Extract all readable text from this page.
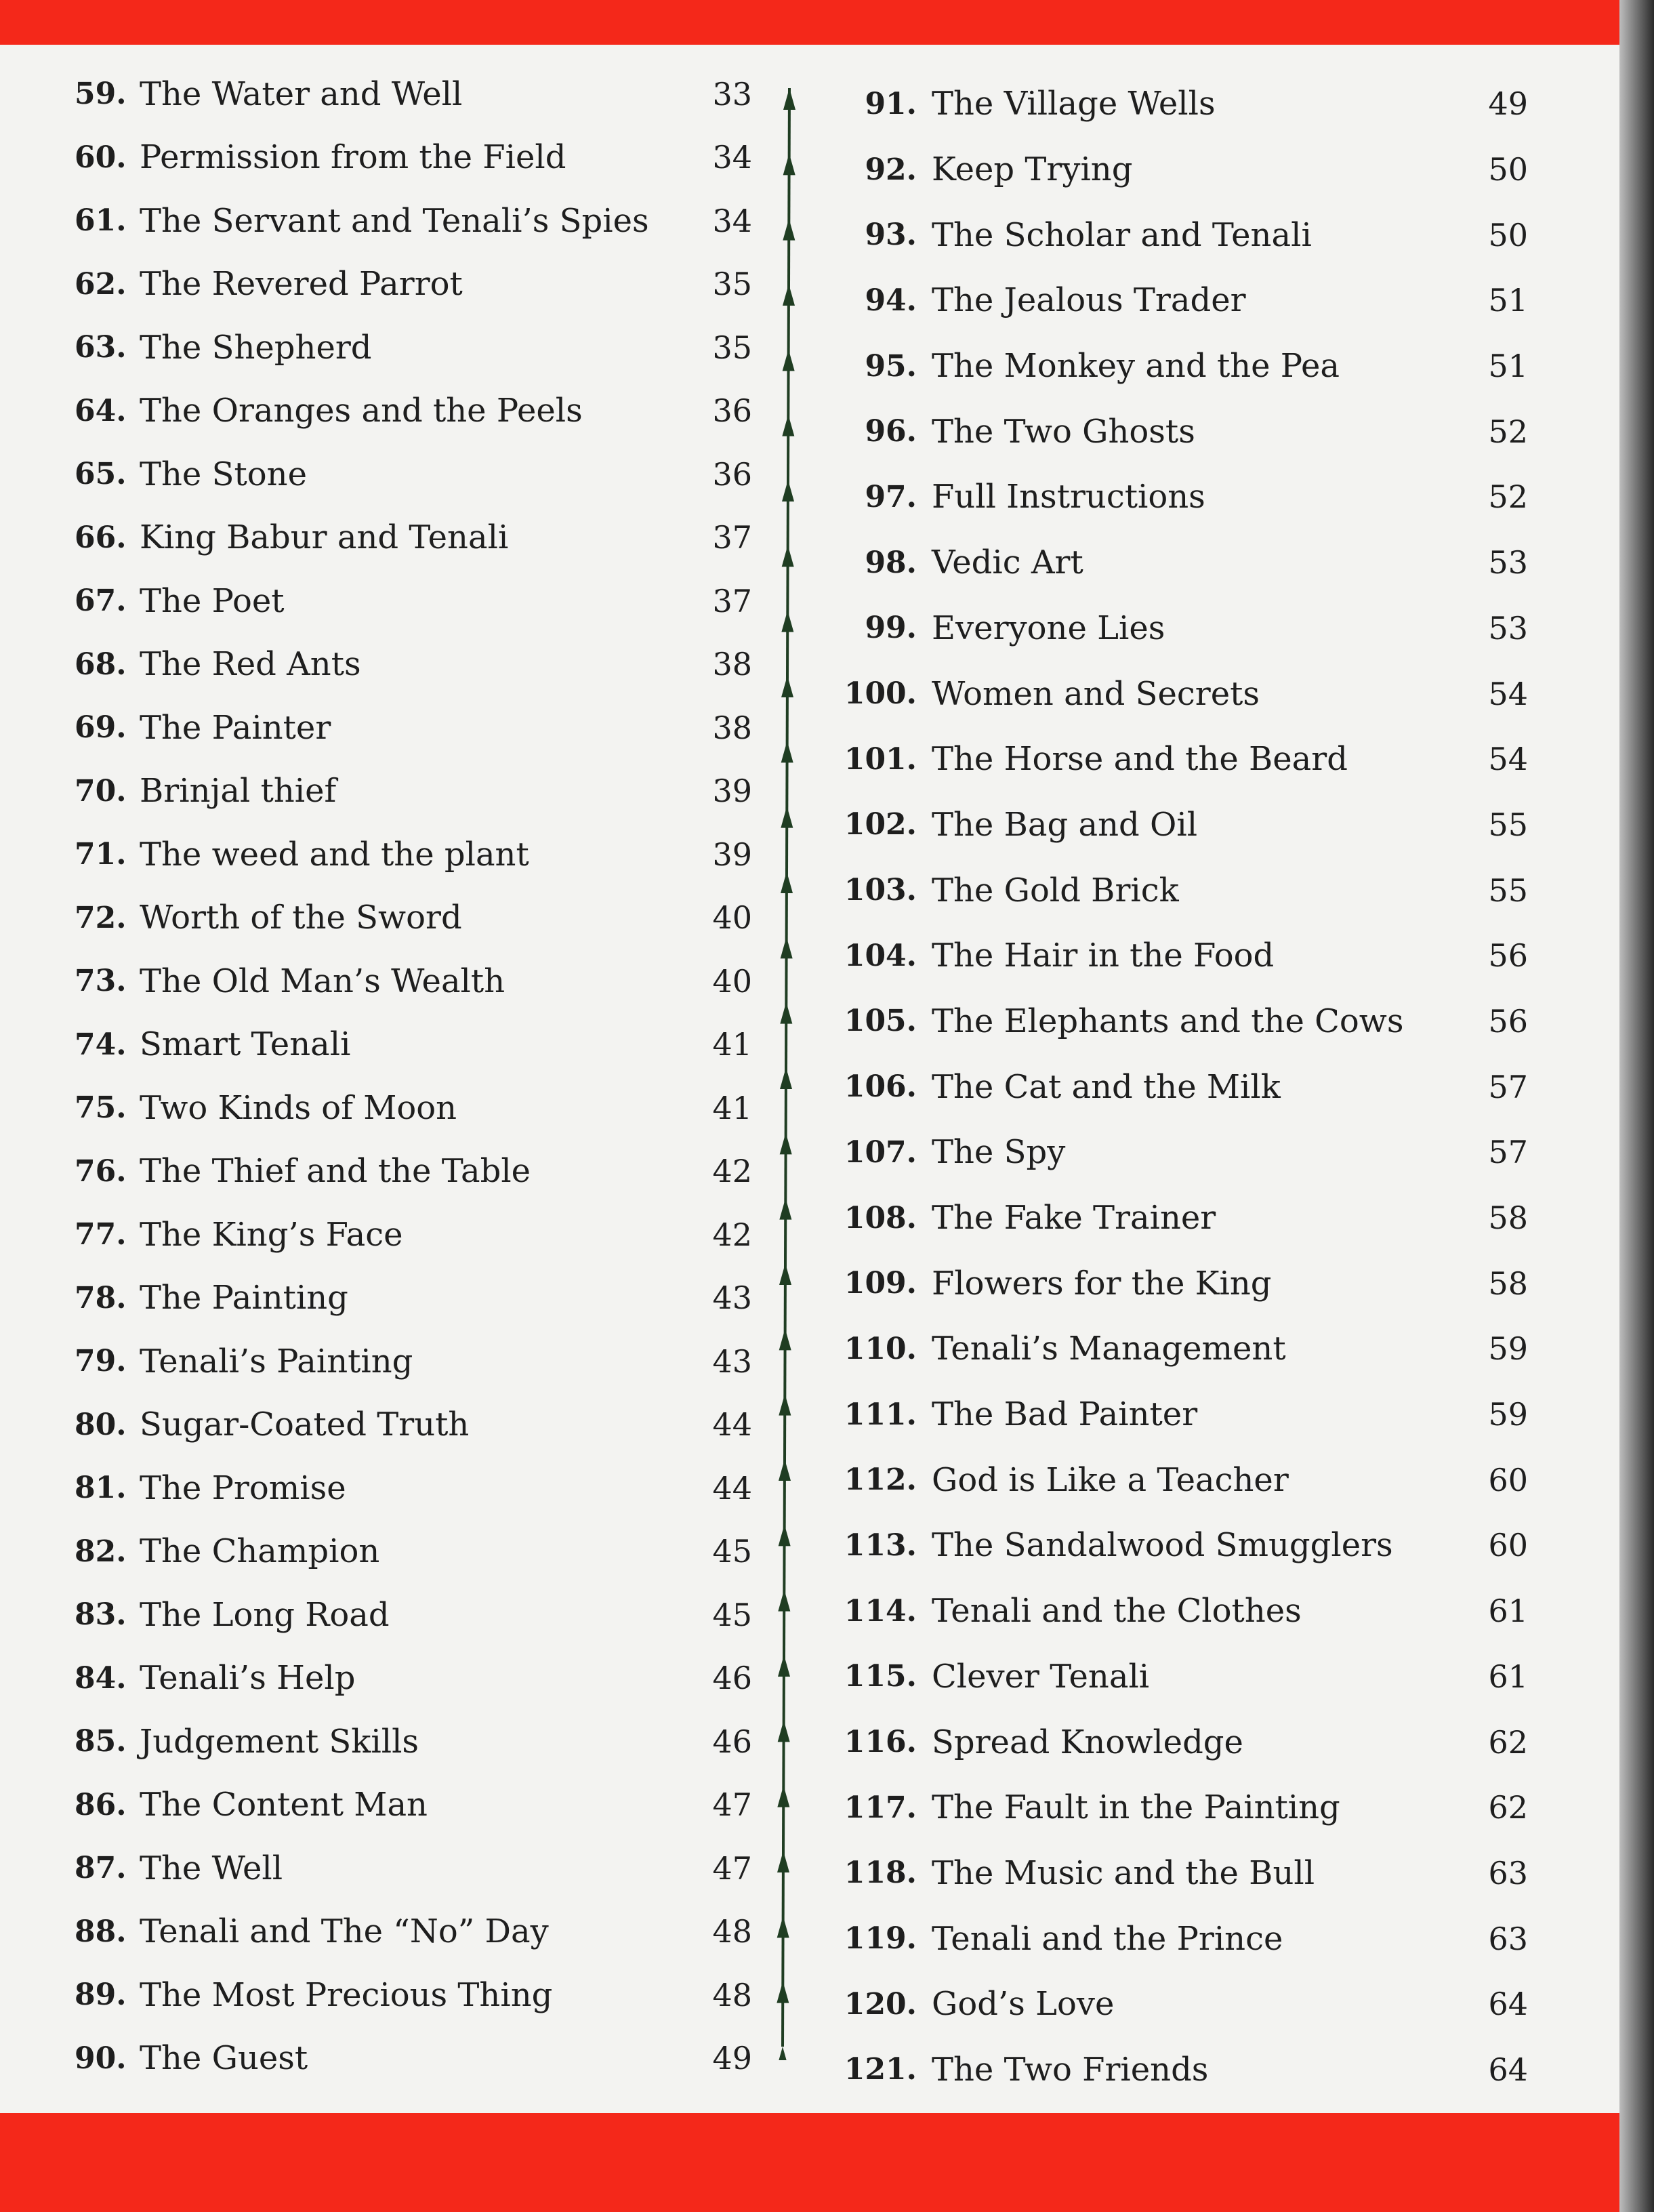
59. The Water and Well	33
60. Permission from the Field	34
61. The Servant and Tenali’s Spies	34
62. The Revered Parrot	35
63. The Shepherd	35
64. The Oranges and the Peels	36
65. The Stone	36
66. King Babur and Tenali	37
67. The Poet	37
68. The Red Ants	38
69. The Painter	38
70. Brinjal thief	39
71. The weed and the plant	39
72. Worth of the Sword	40
73. The Old Man’s Wealth	40
74. Smart Tenali	41
75. Two Kinds of Moon	41
76. The Thief and the Table	42
77. The King’s Face	42
78. The Painting	43
79. Tenali’s Painting	43
80. Sugar-Coated Truth	44
81. The Promise	44
82. The Champion	45
83. The Long Road	45
84. Tenali’s Help	46
85. Judgement Skills	46
86. The Content Man	47
87. The Well	47
88. Tenali and The “No” Day	48
89. The Most Precious Thing	48
90. The Guest	49
91. The Village Wells	49
92. Keep Trying	50
93. The Scholar and Tenali	50
94. The Jealous Trader	51
95. The Monkey and the Pea	51
96. The Two Ghosts	52
97. Full Instructions	52
98. Vedic Art	53
99. Everyone Lies	53
100. Women and Secrets	54
101. The Horse and the Beard	54
102. The Bag and Oil	55
103. The Gold Brick	55
104. The Hair in the Food	56
105. The Elephants and the Cows	56
106. The Cat and the Milk	57
107. The Spy	57
108. The Fake Trainer	58
109. Flowers for the King	58
110. Tenali’s Management	59
111. The Bad Painter	59
112. God is Like a Teacher	60
113. The Sandalwood Smugglers	60
114. Tenali and the Clothes	61
115. Clever Tenali	61
116. Spread Knowledge	62
117. The Fault in the Painting	62
118. The Music and the Bull	63
119. Tenali and the Prince	63
120. God’s Love	64
121. The Two Friends	64
